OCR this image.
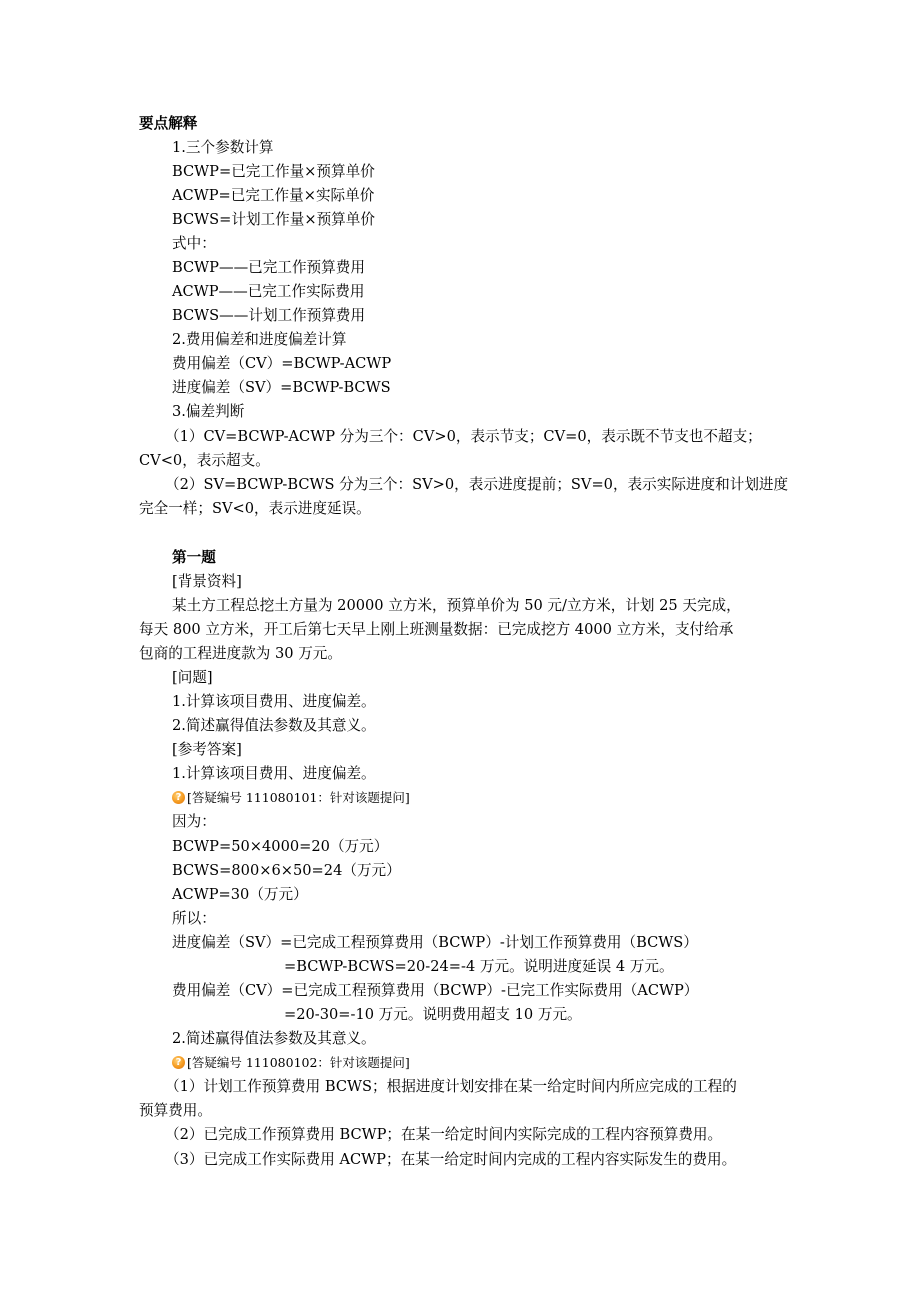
要点解释
1.三个参数计算
BCWP=已完工作量×预算单价
ACWP=已完工作量×实际单价
BCWS=计划工作量×预算单价
式中：
BCWP——已完工作预算费用
ACWP——已完工作实际费用
BCWS——计划工作预算费用
2.费用偏差和进度偏差计算
费用偏差（CV）=BCWP-ACWP
进度偏差（SV）=BCWP-BCWS
3.偏差判断
（1）CV=BCWP-ACWP 分为三个：CV>0，表示节支；CV=0，表示既不节支也不超支；
CV<0，表示超支。
（2）SV=BCWP-BCWS 分为三个：SV>0，表示进度提前；SV=0，表示实际进度和计划进度
完全一样；SV<0，表示进度延误。
第一题
[背景资料]
某土方工程总挖土方量为 20000 立方米，预算单价为 50 元/立方米，计划 25 天完成，
每天 800 立方米，开工后第七天早上刚上班测量数据：已完成挖方 4000 立方米，支付给承
包商的工程进度款为 30 万元。
[问题]
1.计算该项目费用、进度偏差。
2.简述赢得值法参数及其意义。
[参考答案]
1.计算该项目费用、进度偏差。
? [答疑编号 111080101：针对该题提问]
因为：
BCWP=50×4000=20（万元）
BCWS=800×6×50=24（万元）
ACWP=30（万元）
所以：
进度偏差（SV）=已完成工程预算费用（BCWP）-计划工作预算费用（BCWS）
=BCWP-BCWS=20-24=-4 万元。说明进度延误 4 万元。
费用偏差（CV）=已完成工程预算费用（BCWP）-已完工作实际费用（ACWP）
=20-30=-10 万元。说明费用超支 10 万元。
2.简述赢得值法参数及其意义。
? [答疑编号 111080102：针对该题提问]
（1）计划工作预算费用 BCWS；根据进度计划安排在某一给定时间内所应完成的工程的
预算费用。
（2）已完成工作预算费用 BCWP；在某一给定时间内实际完成的工程内容预算费用。
（3）已完成工作实际费用 ACWP；在某一给定时间内完成的工程内容实际发生的费用。
